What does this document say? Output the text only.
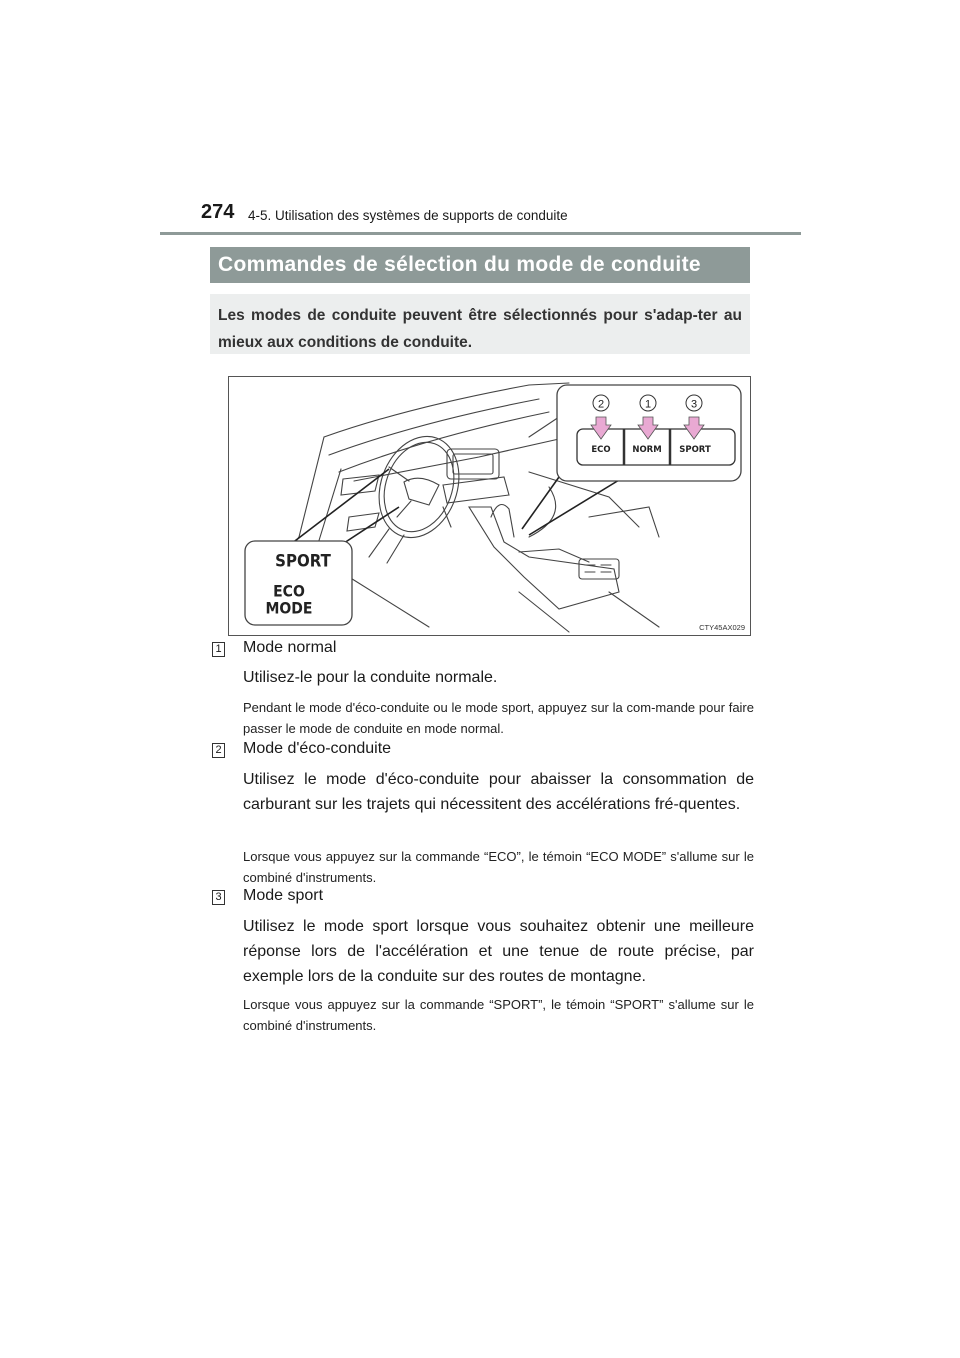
274 4-5. Utilisation des systèmes de supports de conduite
Commandes de sélection du mode de conduite
Les modes de conduite peuvent être sélectionnés pour s'adap-ter au mieux aux conditions de conduite.
ECO	NORM SPORT
2	1	3
SPORT
ECO
MODE
CTY45AX029
1 Mode normal
Utilisez-le pour la conduite normale.
Pendant le mode d'éco-conduite ou le mode sport, appuyez sur la com-mande pour faire passer le mode de conduite en mode normal.
2 Mode d'éco-conduite
Utilisez le mode d'éco-conduite pour abaisser la consommation de carburant sur les trajets qui nécessitent des accélérations fré-quentes.
Lorsque vous appuyez sur la commande “ECO”, le témoin “ECO MODE” s'allume sur le combiné d'instruments.
3 Mode sport
Utilisez le mode sport lorsque vous souhaitez obtenir une meilleure réponse lors de l'accélération et une tenue de route précise, par exemple lors de la conduite sur des routes de montagne.
Lorsque vous appuyez sur la commande “SPORT”, le témoin “SPORT” s'allume sur le combiné d'instruments.
